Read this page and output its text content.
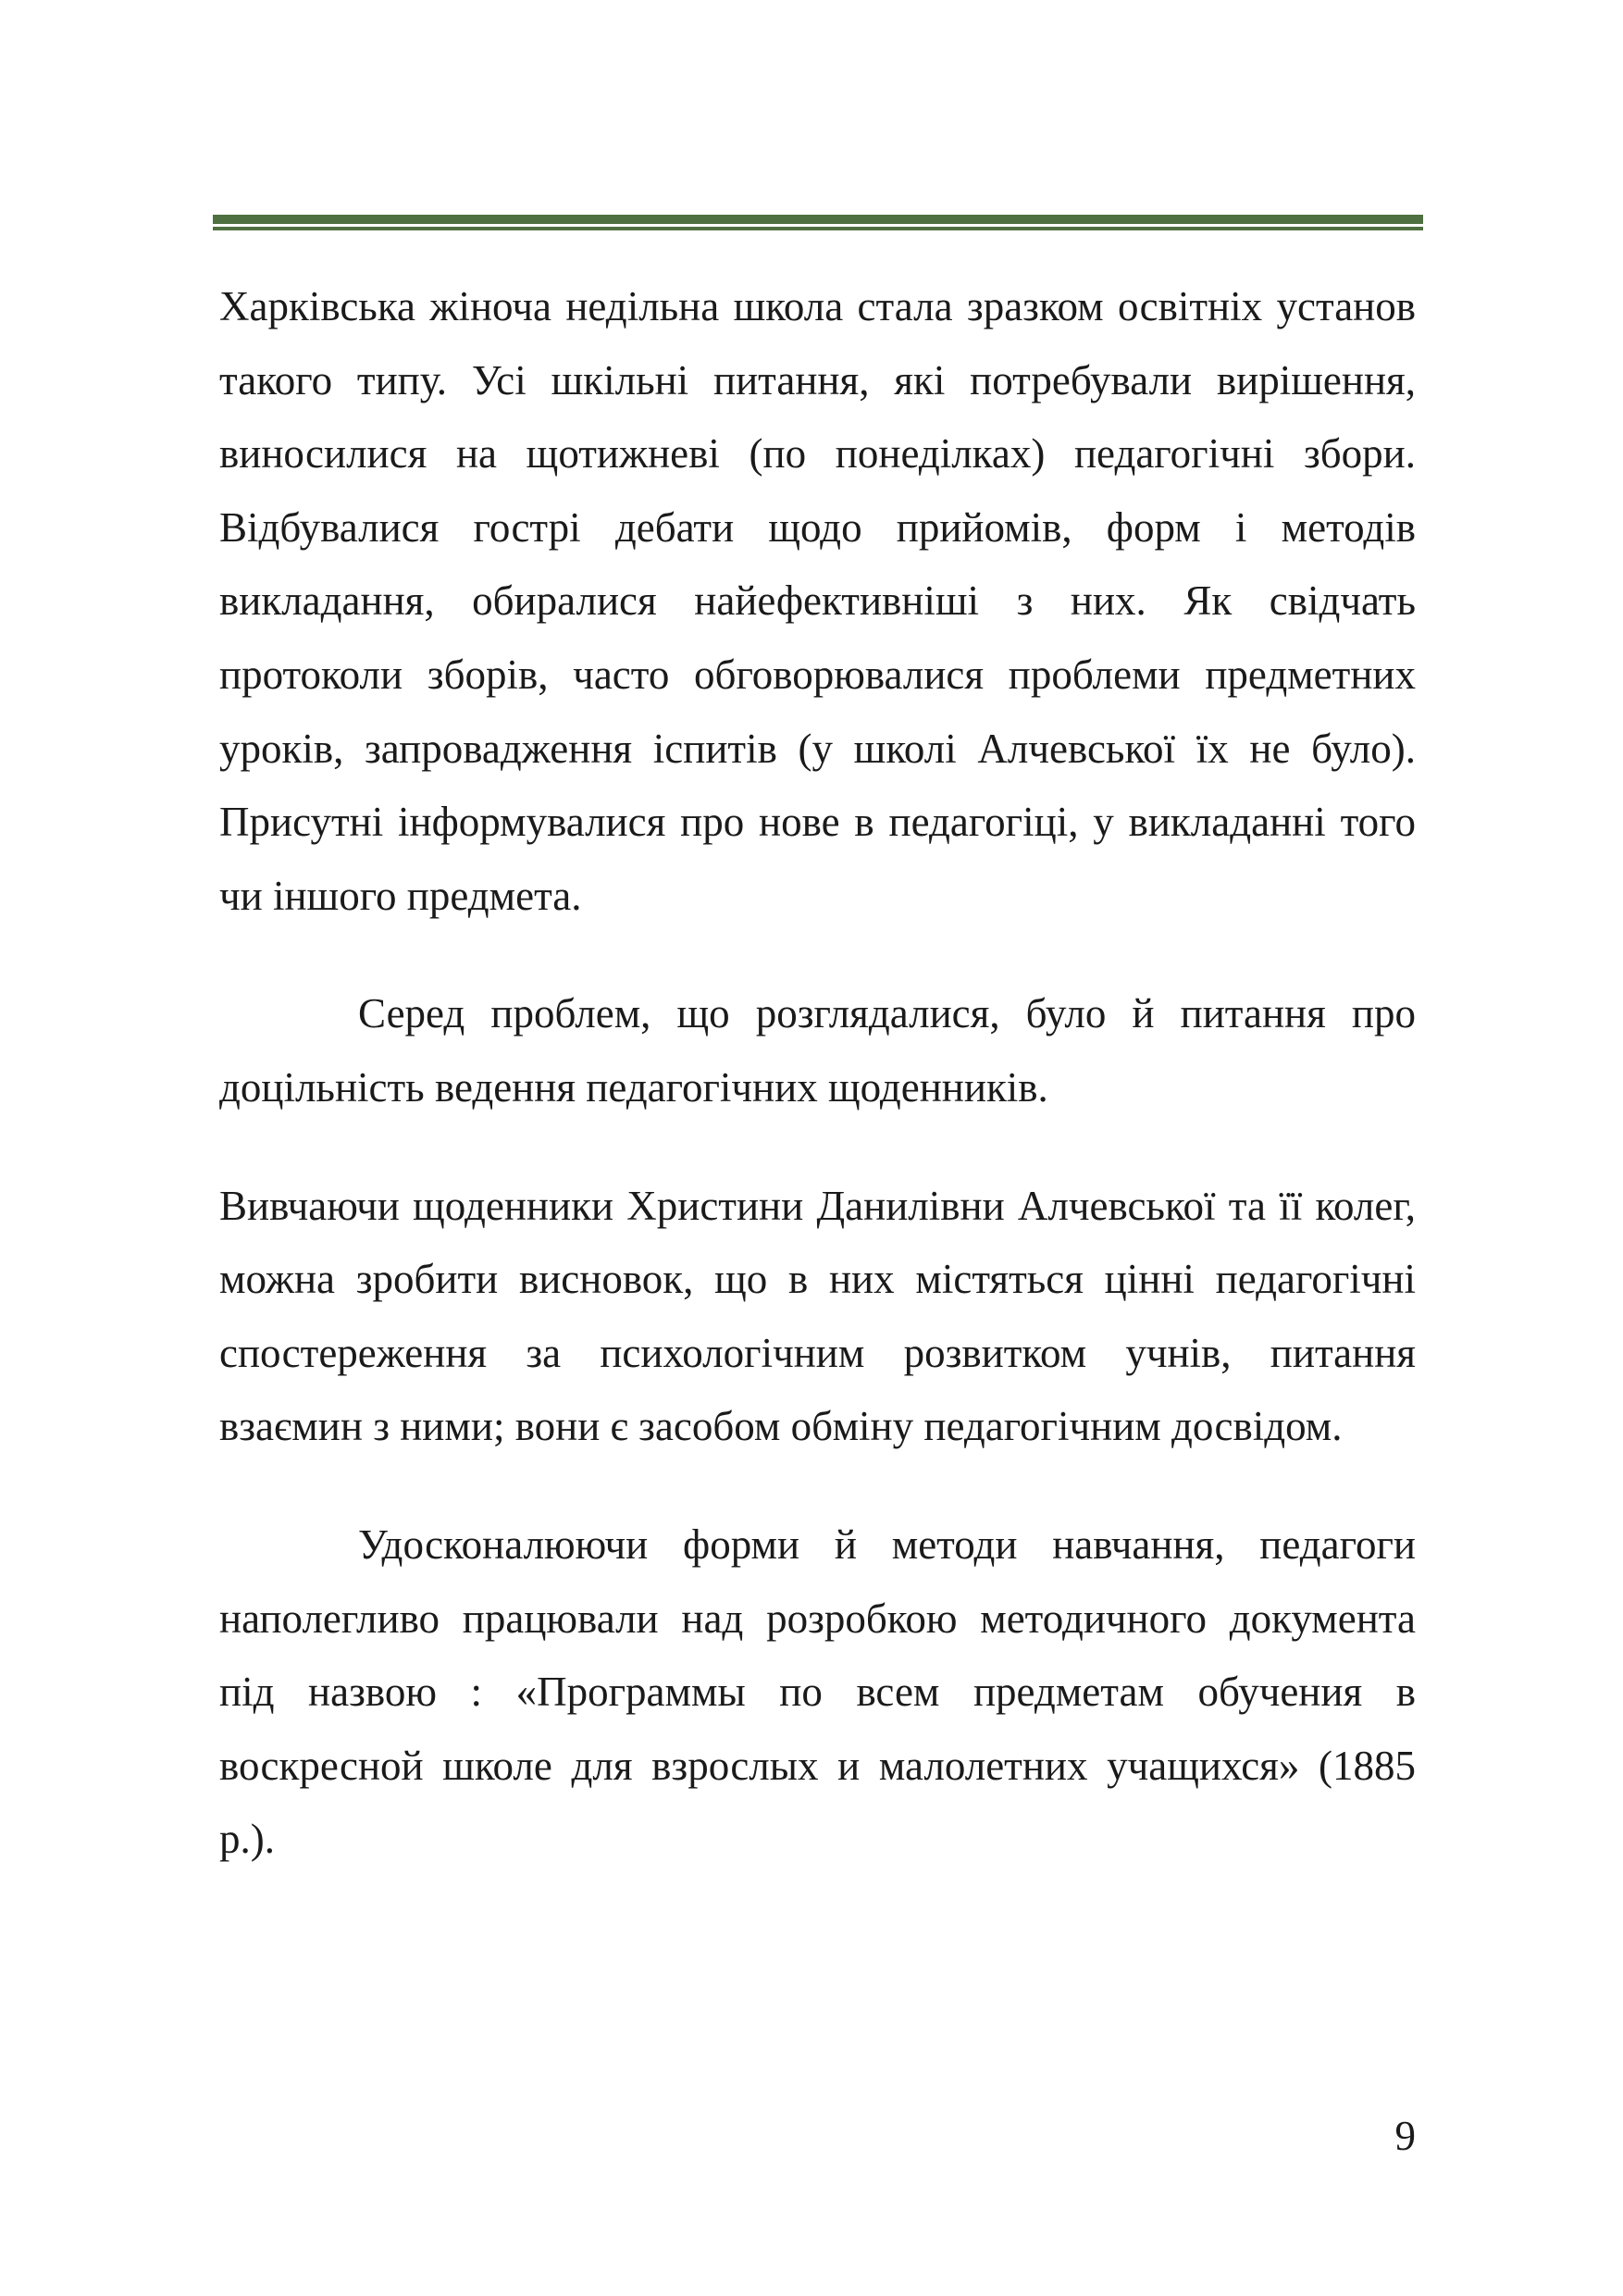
Харківська жіноча недільна школа стала зразком освітніх установ такого типу. Усі шкільні питання, які потребували вирішення, виносилися на щотижневі (по понеділках) педагогічні збори. Відбувалися гострі дебати щодо прийомів, форм і методів викладання, обиралися найефективніші з них. Як свідчать протоколи зборів, часто обговорювалися проблеми предметних уроків, запровадження іспитів (у школі Алчевської їх не було). Присутні інформувалися про нове в педагогіці, у викладанні того чи іншого предмета.

Серед проблем, що розглядалися, було й питання про доцільність ведення педагогічних щоденників.

Вивчаючи щоденники Христини Данилівни Алчевської та її колег, можна зробити висновок, що в них містяться цінні педагогічні спостереження за психологічним розвитком учнів, питання взаємин з ними; вони є засобом обміну педагогічним досвідом.

Удосконалюючи форми й методи навчання, педагоги наполегливо працювали над розробкою методичного документа під назвою : «Программы по всем предметам обучения в воскресной школе для взрослых и малолетних учащихся» (1885 р.).

9
